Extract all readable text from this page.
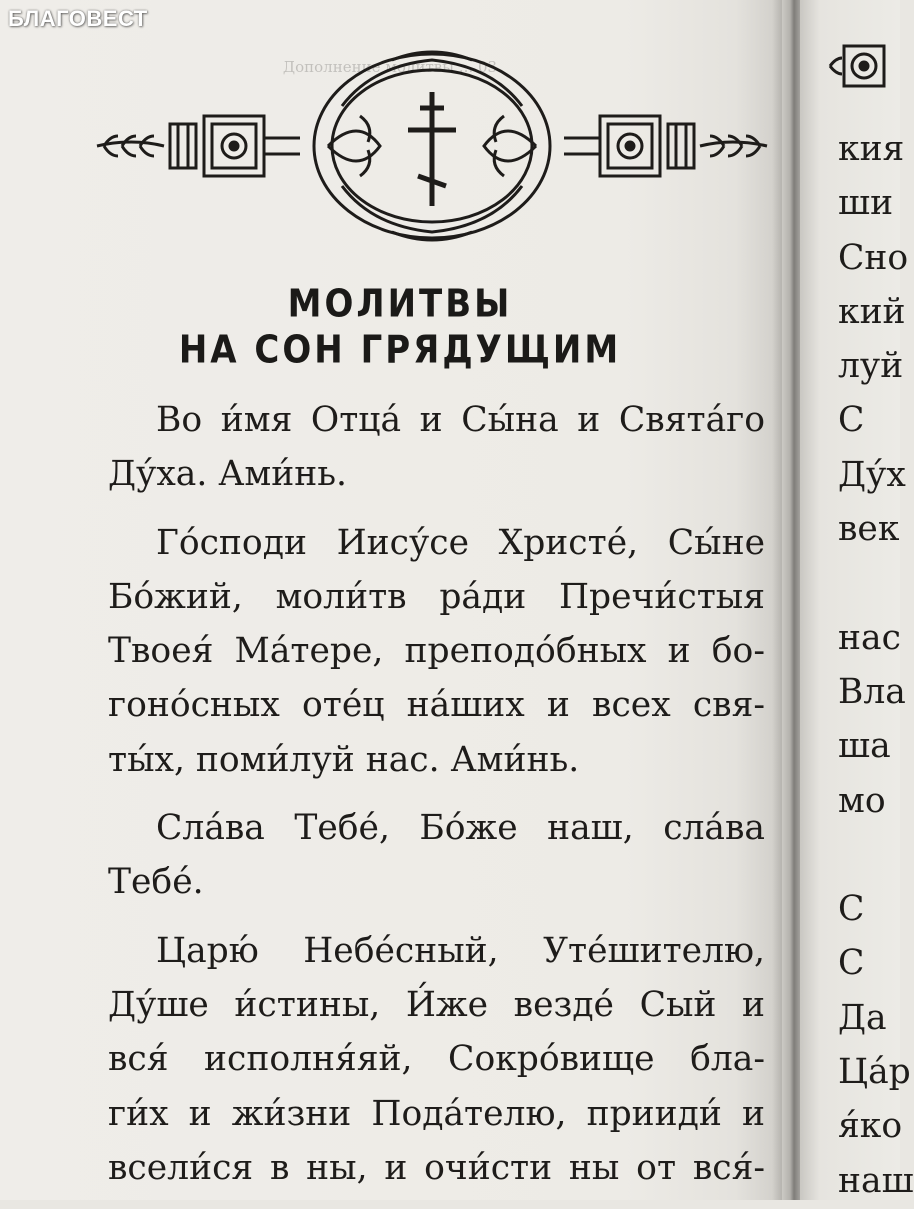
БЛАГОВЕСТ
Дополнение молитвы ... 03
МОЛИТВЫ
НА СОН ГРЯДУЩИМ
Во и́мя Отца́ и Сы́на и Свята́го
Ду́ха. Ами́нь.
Го́споди Иису́се Христе́, Сы́не
Бо́жий, моли́тв ра́ди Пречи́стыя
Твоея́ Ма́тере, преподо́бных и бо-
гоно́сных оте́ц на́ших и всех свя-
ты́х, поми́луй нас. Ами́нь.
Сла́ва Тебе́, Бо́же наш, сла́ва
Тебе́.
Царю́ Небе́сный, Уте́шителю,
Ду́ше и́стины, И́же везде́ Сый и
вся́ исполня́яй, Сокро́вище бла-
ги́х и жи́зни Пода́телю, прииди́ и
всели́ся в ны, и очи́сти ны от вся́-
кия
ши
Сно
кий
луй
С
Ду́х
век

нас
Вла
ша
мо

С
С
Да
Ца́р
я́ко
наш
